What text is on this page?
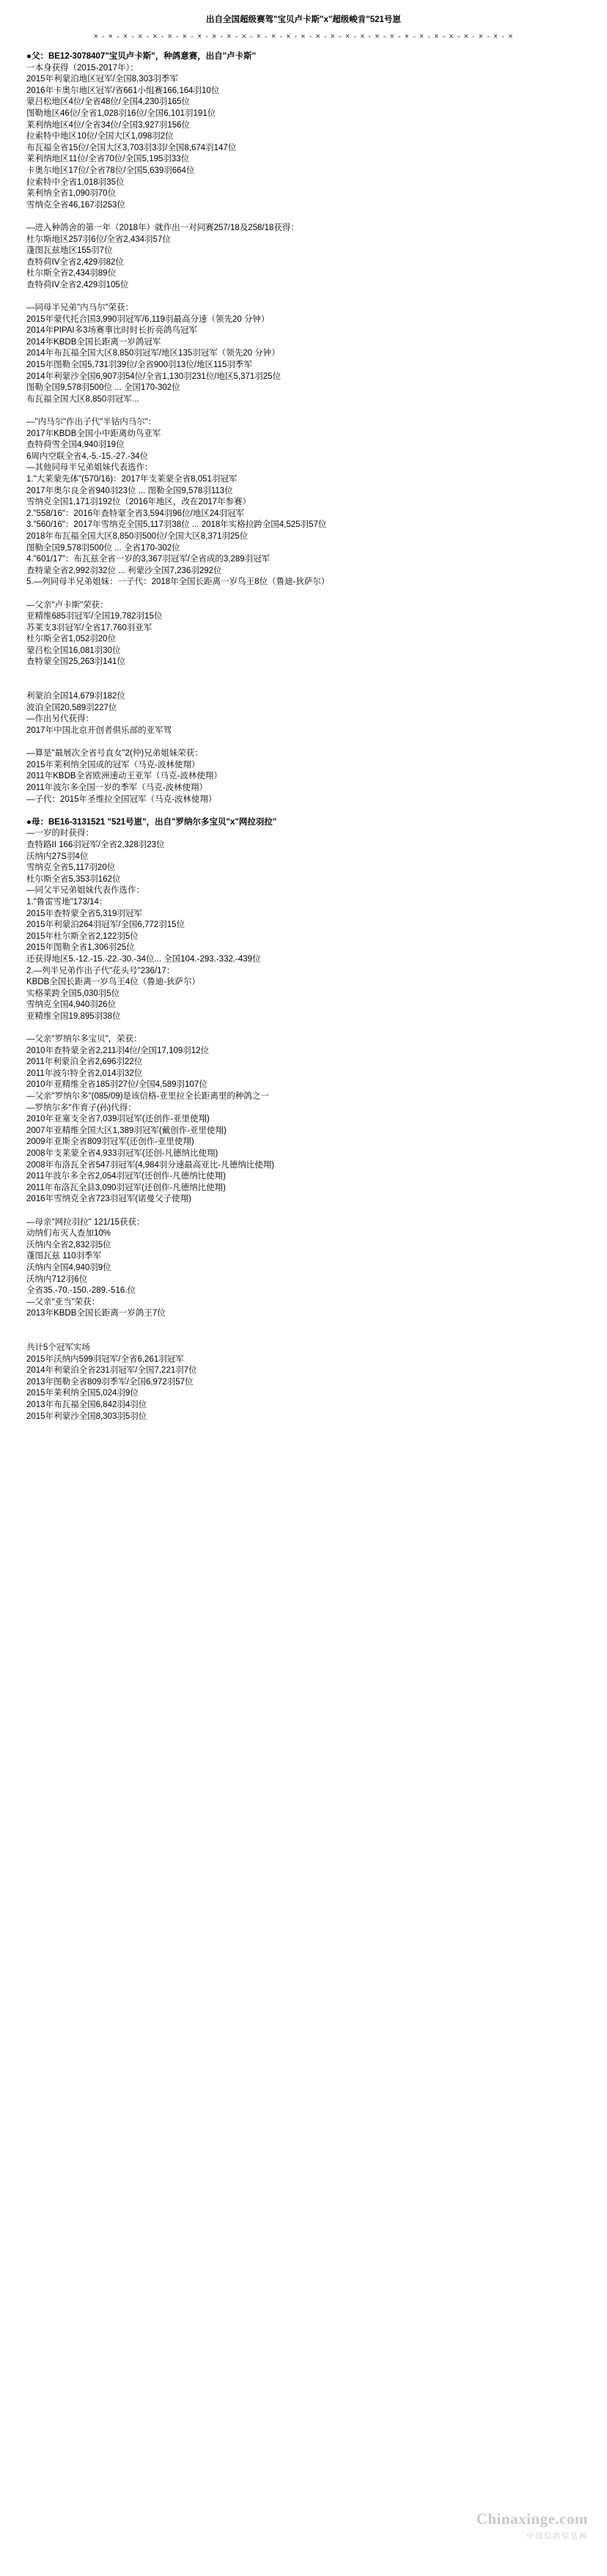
出自全国超级赛驾"宝贝卢卡斯"x"超级峻肯"521号崽
× - × - × - × - × - × - × - × - × - × - × - × - × - × - × - × - × - × - × - × - × - × - × - × - × - × - × - × - ×
●父：BE12-3078407"宝贝卢卡斯"，种鸽意赛，出自"卢卡斯"
一本身获得（2015-2017年）：
2015年利蒙泊地区冠军/全国8,303羽季军
2016年卡奥尔地区冠军/省661小组赛166,164羽10位
蒙吕松地区4位/全省48位/全国4,230羽165位
图勒地区46位/全省1,028羽16位/全国6,101羽191位
莱利纳地区4位/全省34位/全国3,927羽156位
拉索特中地区10位/全国大区1,098羽2位
布瓦福全省15位/全国大区3,703羽3羽/全国8,674羽147位
莱利纳地区11位/全省70位/全国5,195羽33位
卡奥尔地区17位/全省78位/全国5,639羽664位
拉索特中全省1,018羽35位
莱利纳全省1,090羽70位
雪纳克全省46,167羽253位
—进入种鸽舍的第一年（2018年）就作出一对同赛257/18及258/18获得：
杜尔斯地区257羽6位/全省2,434羽57位
蓬图瓦兹地区155羽7位
查特荷IV全省2,429羽82位
杜尔斯全省2,434羽89位
查特荷IV全省2,429羽105位
—同母半兄弟"内马尔"荣获：
2015年蒙代托合国3,990羽冠军/6,119羽最高分速（领先20 分钟）
2014年PIPAI多3场赛事比时时长折亮鸽鸟冠军
2014年KBDB全国长距离一岁鸽冠军
2014年布瓦福全国大区8,850羽冠军/地区135羽冠军（领先20 分钟）
2015年图勒全国5,731羽39位/全省900羽13位/地区115羽季军
2014年利蒙沙全国6,907羽54位/全省1,130羽231位/地区5,371羽25位
图勒全国9,578羽500位 ... 全国170-302位
布瓦福全国大区8,850羽冠军...
—"内马尔"作出子代"半钴内马尔"：
2017年KBDB全国小中距离幼鸟亚军
查特荷雪全国4,940羽19位
6周内空联全省4,-5.-15.-27.-34位
—其他同母半兄弟姐妹代表选作：
1."大莱蒙先体"(570/16)：2017年支莱蒙全省8,051羽冠军
2017年奥尔良全省940羽23位 ... 图勒全国9,578羽113位
雪纳克全国1,171羽192位（2016年地区，改在2017年参赛）
2."558/16"：2016年查特蒙全省3,594羽96位/地区24羽冠军
3."560/16"：2017年雪纳克全国5,117羽38位 ... 2018年实格拉跨全国4,525羽57位
2018年布瓦福全国大区8,850羽500位/全国大区8,371羽25位
图勒全国9,578羽500位 ... 全省170-302位
4."601/17"：布瓦兹全省一岁的3,367羽冠军/全省成的3,289羽冠军
查特蒙全省2,992羽32位 ... 利蒙沙全国7,236羽292位
5.—列同母半兄弟姐妹：一子代：2018年全国长距离一岁鸟王8位（鲁迪-狄萨尔）
—父亲"卢卡斯"荣获：
亚精维685羽冠军/全国19,782羽15位
苏莱支3羽冠军/全省17,760羽亚军
杜尔斯全省1,052羽20位
蒙吕松全国16,081羽30位
查特蒙全国25,263羽141位
利蒙泊全国14,679羽182位
波泊全国20,589羽227位
—作出另代获得：
2017年中国北京开创者俱乐部的亚军驾
—算是"最展次全省号直女"2(仲)兄弟姐妹荣获：
2015年莱利纳全国成的冠军（马克-波林使翔）
2011年KBDB全省欧洲速动王亚军（马克-波林使翔）
2011年波尔多全国一岁的季军（马克-波林使翔）
—子代：2015年圣维拉全国冠军（马克-波林使翔）
●母：BE16-3131521 "521号崽"，出自"罗纳尔多宝贝"x"网拉羽拉"
—一岁的时获得：
查特路II 166羽冠军/全省2,328羽23位
沃纳内27S羽4位
雪纳克全省5,117羽20位
杜尔斯全省5,353羽162位
—同父半兄弟姐妹代表作选作：
1."鲁雷雪地"173/14：
2015年查特蒙全省5,319羽冠军
2015年利蒙泊264羽冠军/全国6,772羽15位
2015年杜尔斯全省2,122羽5位
2015年图勒全省1,306羽25位
还获得地区5.-12.-15.-22.-30.-34位... 全国104.-293.-332.-439位
2.—列半兄弟作出子代"花头号"236/17：
KBDB全国长距离一岁鸟王4位（鲁迪-狄萨尔）
实格莱跨全国5,030羽5位
雪纳克全国4,940羽26位
亚精维全国19,895羽38位
—父亲"罗纳尔多宝贝"，荣获：
2010年查特蒙全省2,211羽4位/全国17,109羽12位
2011年利蒙泊全省2,696羽22位
2011年波尔特全省2,014羽32位
2010年亚精维全省185羽27位/全国4,589羽107位
—父亲"罗纳尔多"(085/09)是该信格-亚里拉全长距离里的种鸽之一
—罗纳尔多"作育子(孙)代得：
2010年亚塞支全省7,039羽冠军(还创作-亚里使翔)
2007年亚精维全国大区1,389羽冠军(戴创作-亚里使翔)
2009年亚斯全省809羽冠军(还创作-亚里使翔)
2008年支莱蒙全省4,933羽冠军(还创-凡德纳比使翔)
2008年布洛瓦全省547羽冠军(4,984羽分速最高亚比-凡德纳比使翔)
2011年波尔多全省2,054羽冠军(还创作-凡德纳比使翔)
2011年布洛瓦全县3,090羽冠军(还创作-凡德纳比使翔)
2016年雪纳克全省723羽冠军(诺曼父子使翔)
—母亲"网拉羽拉" 121/15获获：
动纳们布灭人查加10%
沃纳内全省2,832羽5位
蓬图瓦兹 110羽季军
沃纳内全国4,940羽9位
沃纳内712羽6位
全省35.-70.-150.-289.-516.位
—父亲"亚当"荣获：
2013年KBDB全国长距离一岁鸽王7位
共计5个冠军实场
2015年沃纳内599羽冠军/全省6,261羽冠军
2014年利蒙泊全省231羽冠军/全国7,221羽7位
2013年图勒全省809羽季军/全国6,972羽57位
2015年莱利纳全国5,024羽9位
2013年布瓦福全国6,842羽4羽位
2015年利蒙沙全国8,303羽5羽位
Chinaxinge.com
中国信鸽信息网
